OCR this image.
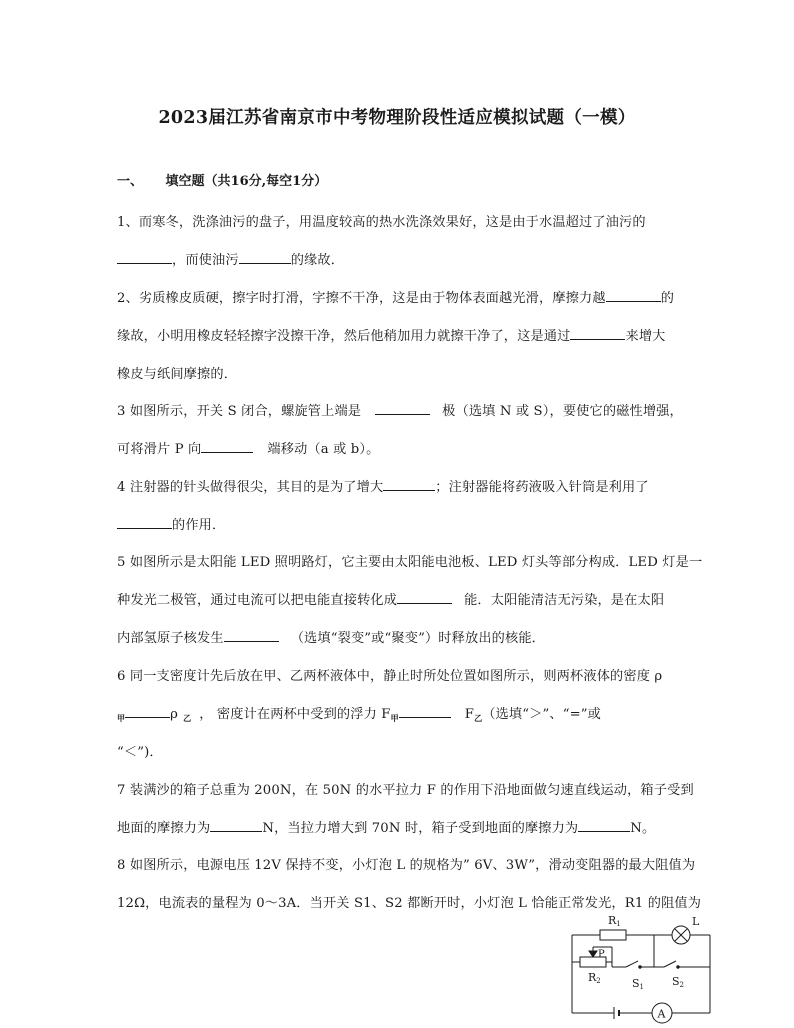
2023届江苏省南京市中考物理阶段性适应模拟试题（一模）
一、 填空题（共16分,每空1分）
1、而寒冬，洗涤油污的盘子，用温度较高的热水洗涤效果好，这是由于水温超过了油污的
，而使油污	的缘故．
2、劣质橡皮质硬，擦字时打滑，字擦不干净，这是由于物体表面越光滑，摩擦力越	的
缘故，小明用橡皮轻轻擦字没擦干净，然后他稍加用力就擦干净了，这是通过	来增大
橡皮与纸间摩擦的．
3 如图所示，开关 S 闭合，螺旋管上端是	极（选填 N 或 S），要使它的磁性增强，
可将滑片 P 向	端移动（a 或 b）。
4 注射器的针头做得很尖，其目的是为了增大	；注射器能将药液吸入针筒是利用了
的作用．
5 如图所示是太阳能 LED 照明路灯，它主要由太阳能电池板、LED 灯头等部分构成．LED 灯是一
种发光二极管，通过电流可以把电能直接转化成	能．太阳能清洁无污染，是在太阳
内部氢原子核发生	（选填“裂变”或“聚变”）时释放出的核能．
6 同一支密度计先后放在甲、乙两杯液体中，静止时所处位置如图所示，则两杯液体的密度 ρ
$_甲$	ρ $_乙$ ， 密度计在两杯中受到的浮力 $F_甲$	$F_乙$（选填“＞”、“=”或
“＜”)．
7 装满沙的箱子总重为 200N，在 50N 的水平拉力 F 的作用下沿地面做匀速直线运动，箱子受到
地面的摩擦力为	N，当拉力增大到 70N 时，箱子受到地面的摩擦力为	N。
8 如图所示，电源电压 12V 保持不变，小灯泡 L 的规格为” 6V、3W”，滑动变阻器的最大阻值为
12Ω，电流表的量程为 0～3A．当开关 S1、S2 都断开时，小灯泡 L 恰能正常发光，R1 的阻值为
R1	L
P
R2	S1	S2
A
